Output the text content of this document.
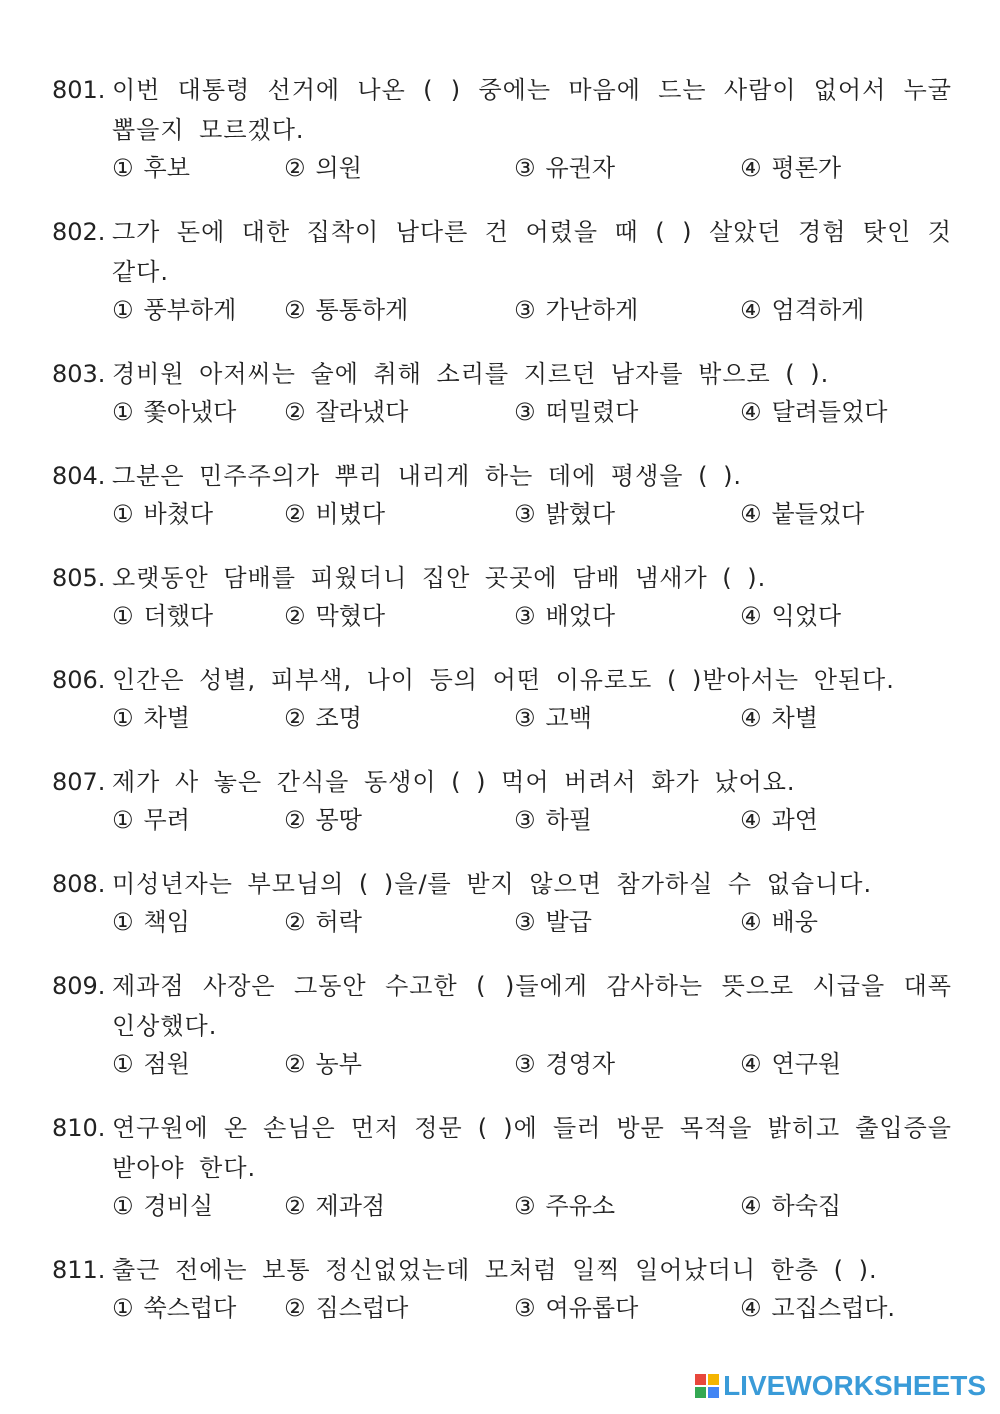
801. 이번 대통령 선거에 나온 ( ) 중에는 마음에 드는 사람이 없어서 누굴 뽑을지 모르겠다.
① 후보	② 의원	③ 유권자	④ 평론가
802. 그가 돈에 대한 집착이 남다른 건 어렸을 때 ( ) 살았던 경험 탓인 것 같다.
① 풍부하게	② 통통하게	③ 가난하게	④ 엄격하게
803. 경비원 아저씨는 술에 취해 소리를 지르던 남자를 밖으로 ( ).
① 쫓아냈다	② 잘라냈다	③ 떠밀렸다	④ 달려들었다
804. 그분은 민주주의가 뿌리 내리게 하는 데에 평생을 ( ).
① 바쳤다	② 비볐다	③ 밝혔다	④ 붙들었다
805. 오랫동안 담배를 피웠더니 집안 곳곳에 담배 냄새가 ( ).
① 더했다	② 막혔다	③ 배었다	④ 익었다
806. 인간은 성별, 피부색, 나이 등의 어떤 이유로도 ( )받아서는 안된다.
① 차별	② 조명	③ 고백	④ 차별
807. 제가 사 놓은 간식을 동생이 ( ) 먹어 버려서 화가 났어요.
① 무려	② 몽땅	③ 하필	④ 과연
808. 미성년자는 부모님의 ( )을/를 받지 않으면 참가하실 수 없습니다.
① 책임	② 허락	③ 발급	④ 배웅
809. 제과점 사장은 그동안 수고한 ( )들에게 감사하는 뜻으로 시급을 대폭 인상했다.
① 점원	② 농부	③ 경영자	④ 연구원
810. 연구원에 온 손님은 먼저 정문 ( )에 들러 방문 목적을 밝히고 출입증을 받아야 한다.
① 경비실	② 제과점	③ 주유소	④ 하숙집
811. 출근 전에는 보통 정신없었는데 모처럼 일찍 일어났더니 한층 ( ).
① 쑥스럽다	② 짐스럽다	③ 여유롭다	④ 고집스럽다.
LIVEWORKSHEETS
